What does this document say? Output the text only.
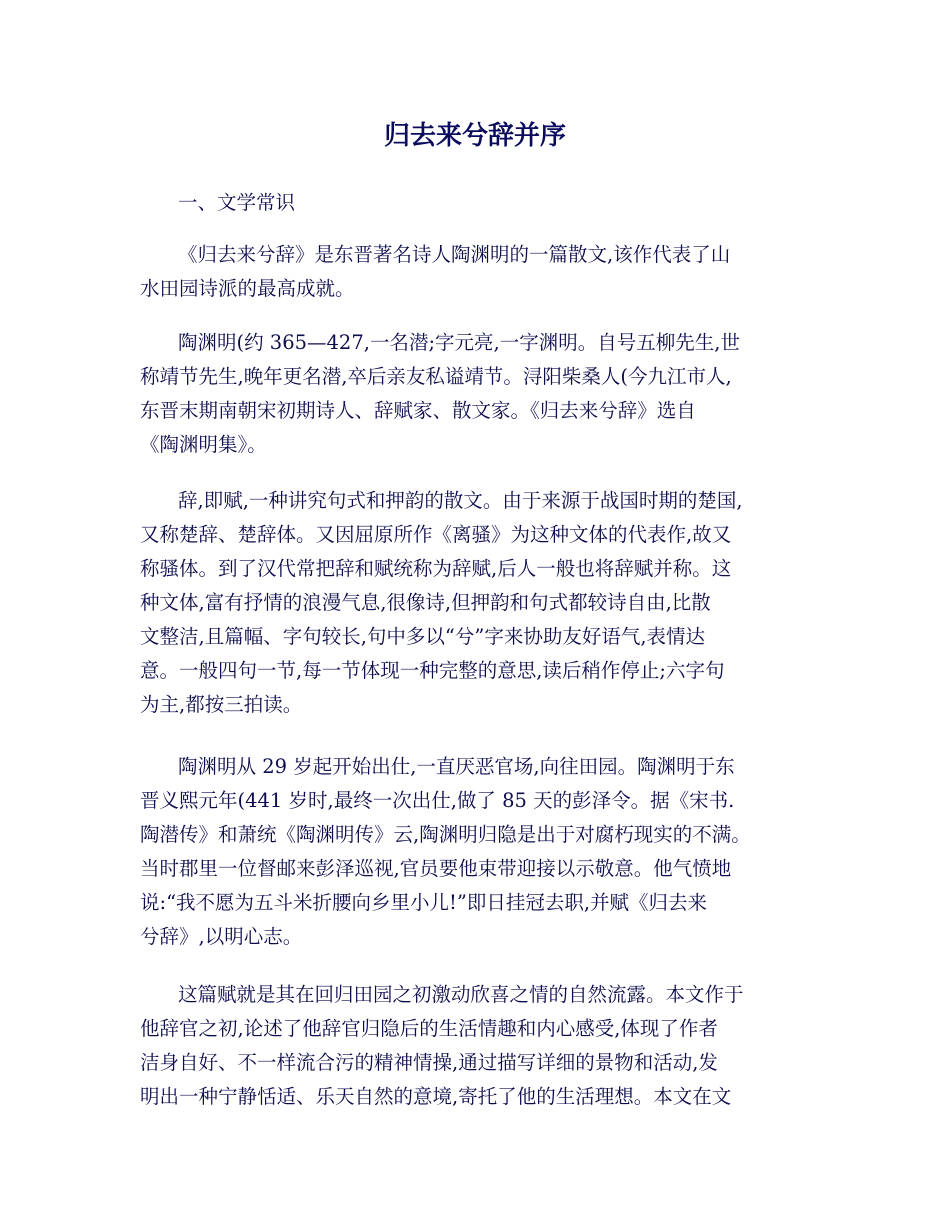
归去来兮辞并序

一、文学常识

《归去来兮辞》是东晋著名诗人陶渊明的一篇散文,该作代表了山
水田园诗派的最高成就。
陶渊明(约 365—427,一名潜;字元亮,一字渊明。自号五柳先生,世
称靖节先生,晚年更名潜,卒后亲友私谥靖节。浔阳柴桑人(今九江市人,
东晋末期南朝宋初期诗人、辞赋家、散文家。《归去来兮辞》选自
《陶渊明集》。
辞,即赋,一种讲究句式和押韵的散文。由于来源于战国时期的楚国,
又称楚辞、楚辞体。又因屈原所作《离骚》为这种文体的代表作,故又
称骚体。到了汉代常把辞和赋统称为辞赋,后人一般也将辞赋并称。这
种文体,富有抒情的浪漫气息,很像诗,但押韵和句式都较诗自由,比散
文整洁,且篇幅、字句较长,句中多以“兮”字来协助友好语气,表情达
意。一般四句一节,每一节体现一种完整的意思,读后稍作停止;六字句
为主,都按三拍读。
陶渊明从 29 岁起开始出仕,一直厌恶官场,向往田园。陶渊明于东
晋义熙元年(441 岁时,最终一次出仕,做了 85 天的彭泽令。据《宋书.
陶潜传》和萧统《陶渊明传》云,陶渊明归隐是出于对腐朽现实的不满。
当时郡里一位督邮来彭泽巡视,官员要他束带迎接以示敬意。他气愤地
说:“我不愿为五斗米折腰向乡里小儿!”即日挂冠去职,并赋《归去来
兮辞》,以明心志。
这篇赋就是其在回归田园之初激动欣喜之情的自然流露。本文作于
他辞官之初,论述了他辞官归隐后的生活情趣和内心感受,体现了作者
洁身自好、不一样流合污的精神情操,通过描写详细的景物和活动,发
明出一种宁静恬适、乐天自然的意境,寄托了他的生活理想。本文在文
